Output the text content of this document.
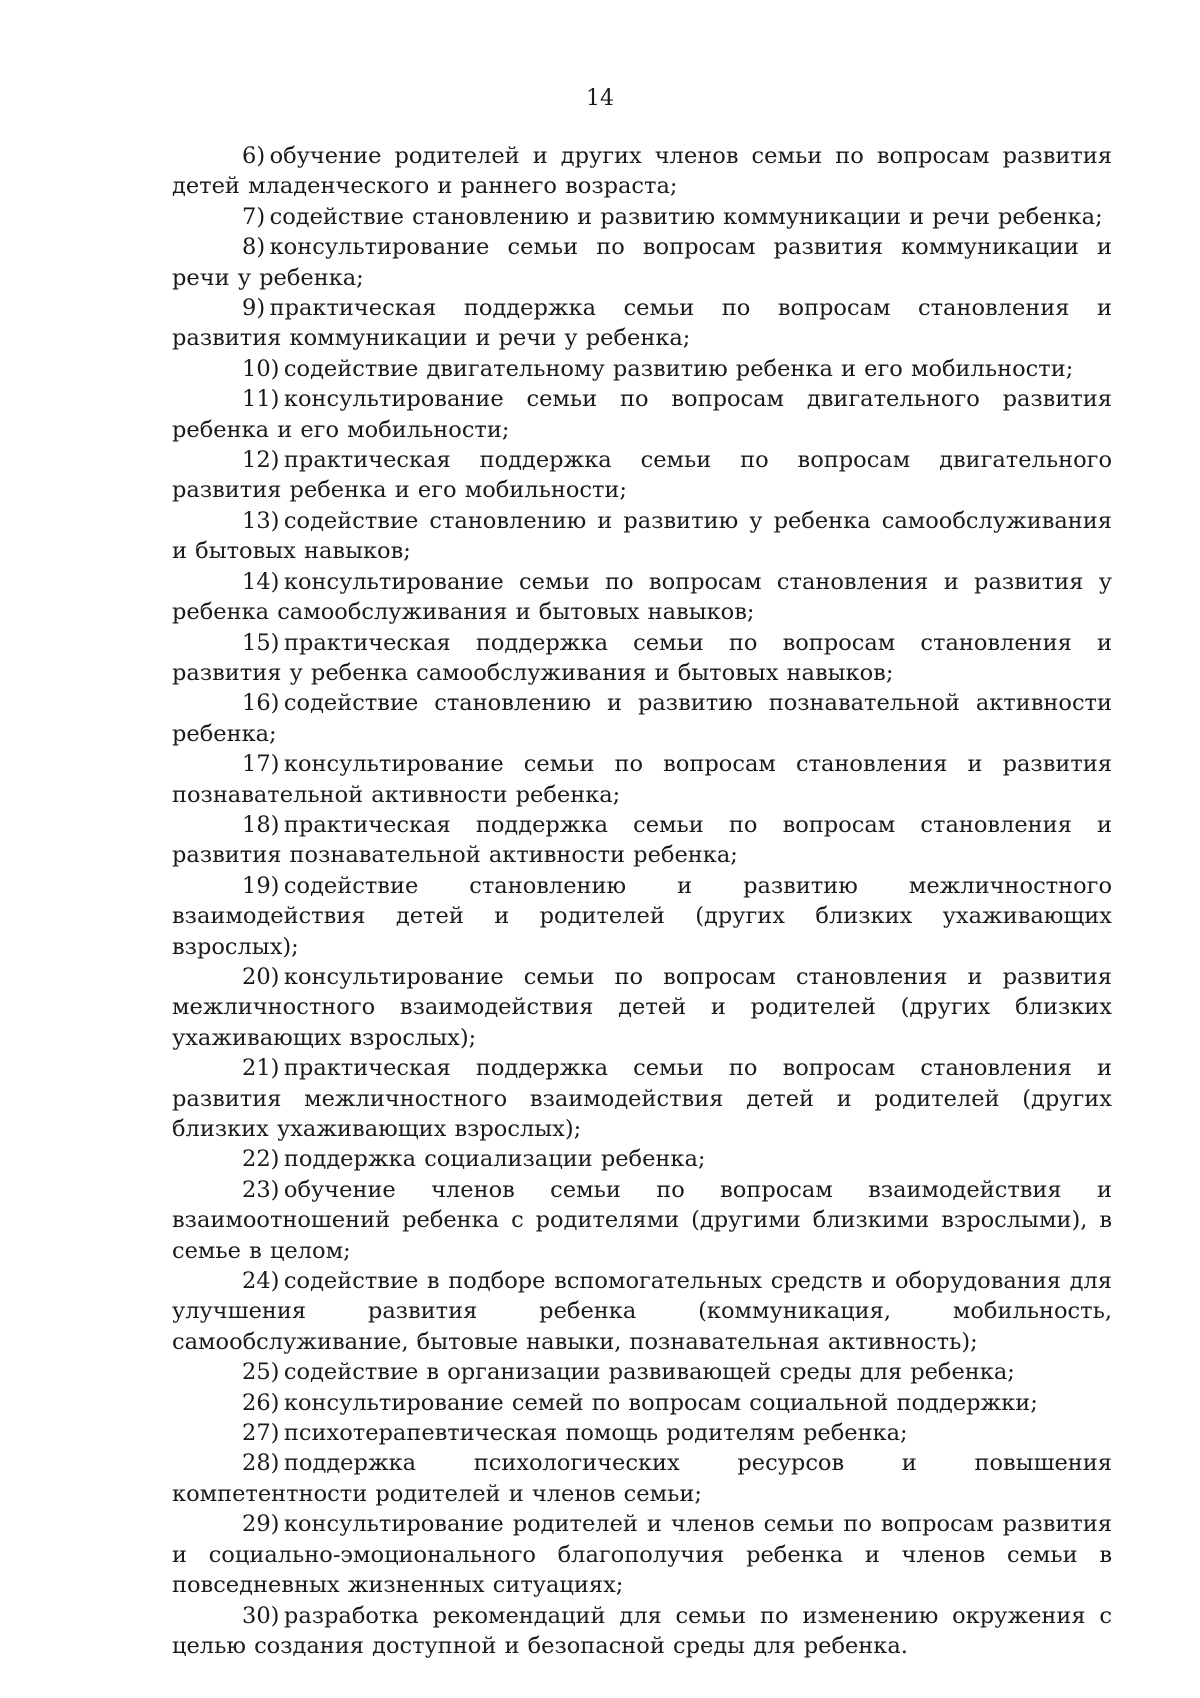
14
6)  обучение родителей и других членов семьи по вопросам развития детей младенческого и раннего возраста;
7)  содействие становлению и развитию коммуникации и речи ребенка;
8)  консультирование семьи по вопросам развития коммуникации и речи у ребенка;
9)  практическая поддержка семьи по вопросам становления и развития коммуникации и речи у ребенка;
10)  содействие двигательному развитию ребенка и его мобильности;
11)  консультирование семьи по вопросам двигательного развития ребенка и его мобильности;
12)  практическая поддержка семьи по вопросам двигательного развития ребенка и его мобильности;
13)  содействие становлению и развитию у ребенка самообслуживания и бытовых навыков;
14)  консультирование семьи по вопросам становления и развития у ребенка самообслуживания и бытовых навыков;
15)  практическая поддержка семьи по вопросам становления и развития у ребенка самообслуживания и бытовых навыков;
16)  содействие становлению и развитию познавательной активности ребенка;
17)  консультирование семьи по вопросам становления и развития познавательной активности ребенка;
18)  практическая поддержка семьи по вопросам становления и развития познавательной активности ребенка;
19)  содействие становлению и развитию межличностного взаимодействия детей и родителей (других близких ухаживающих взрослых);
20)  консультирование семьи по вопросам становления и развития межличностного взаимодействия детей и родителей (других близких ухаживающих взрослых);
21)  практическая поддержка семьи по вопросам становления и развития межличностного взаимодействия детей и родителей (других близких ухаживающих взрослых);
22)  поддержка социализации ребенка;
23)  обучение членов семьи по вопросам взаимодействия и взаимоотношений ребенка с родителями (другими близкими взрослыми), в семье в целом;
24)  содействие в подборе вспомогательных средств и оборудования для улучшения развития ребенка (коммуникация, мобильность, самообслуживание, бытовые навыки, познавательная активность);
25)  содействие в организации развивающей среды для ребенка;
26)  консультирование семей по вопросам социальной поддержки;
27)  психотерапевтическая помощь родителям ребенка;
28)  поддержка психологических ресурсов и повышения компетентности родителей и членов семьи;
29)  консультирование родителей и членов семьи по вопросам развития и социально-эмоционального благополучия ребенка и членов семьи в повседневных жизненных ситуациях;
30)  разработка рекомендаций для семьи по изменению окружения с целью создания доступной и безопасной среды для ребенка.
